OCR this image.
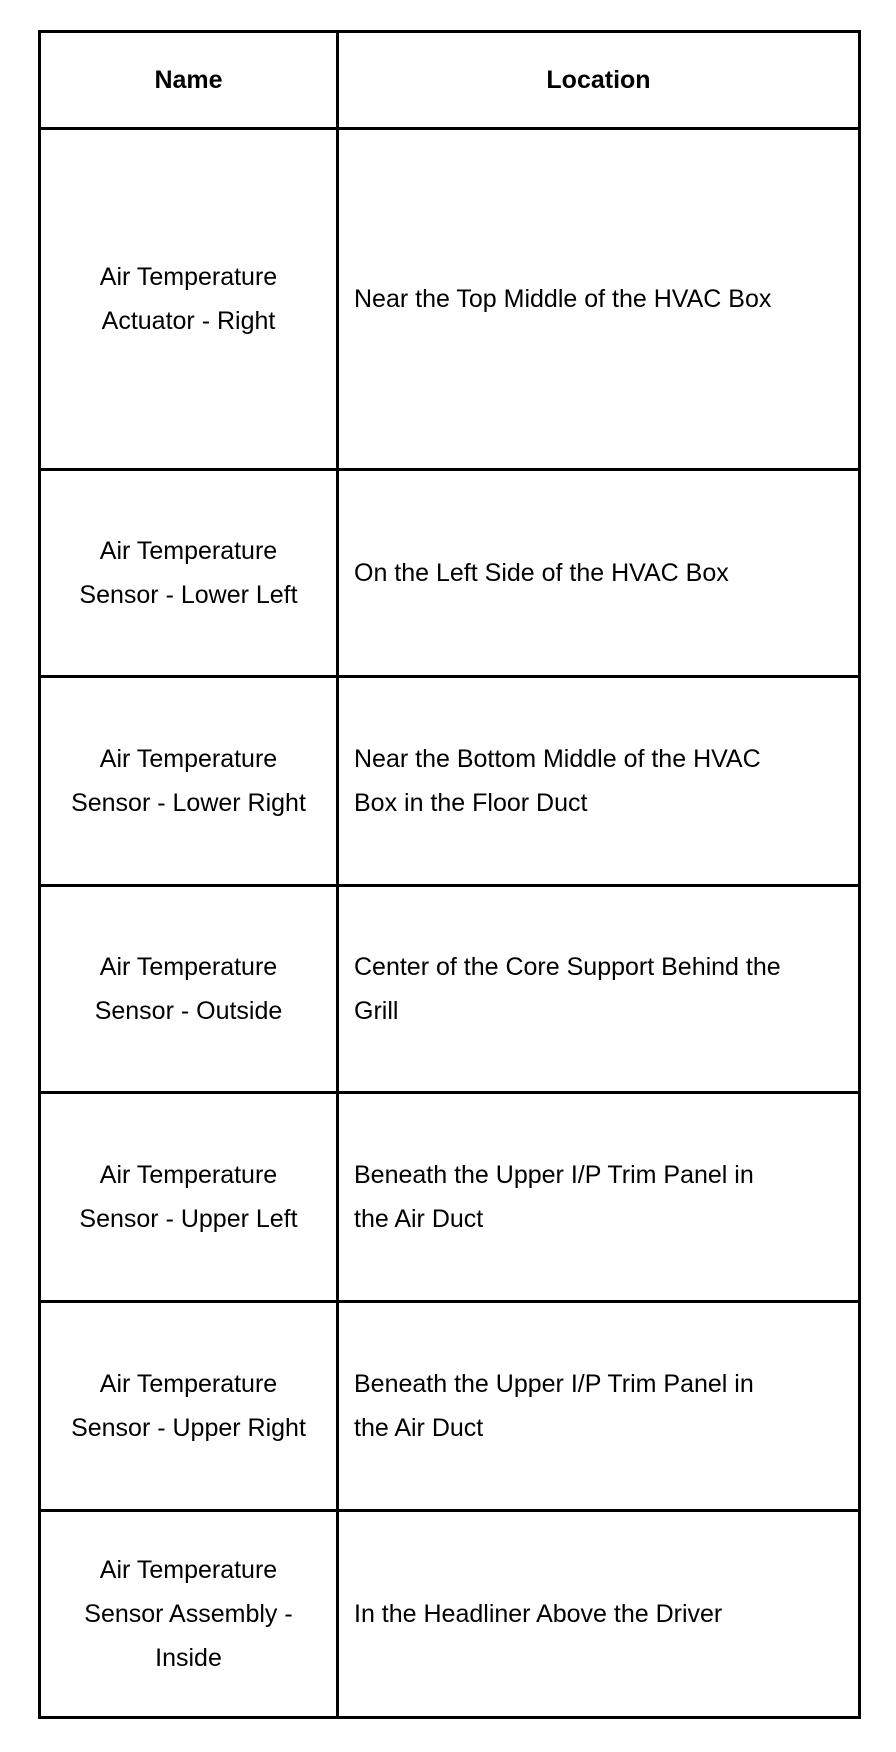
Name	Location
Air Temperature Actuator - Right	Near the Top Middle of the HVAC Box
Air Temperature Sensor - Lower Left	On the Left Side of the HVAC Box
Air Temperature Sensor - Lower Right	Near the Bottom Middle of the HVAC Box in the Floor Duct
Air Temperature Sensor - Outside	Center of the Core Support Behind the Grill
Air Temperature Sensor - Upper Left	Beneath the Upper I/P Trim Panel in the Air Duct
Air Temperature Sensor - Upper Right	Beneath the Upper I/P Trim Panel in the Air Duct
Air Temperature Sensor Assembly - Inside	In the Headliner Above the Driver
